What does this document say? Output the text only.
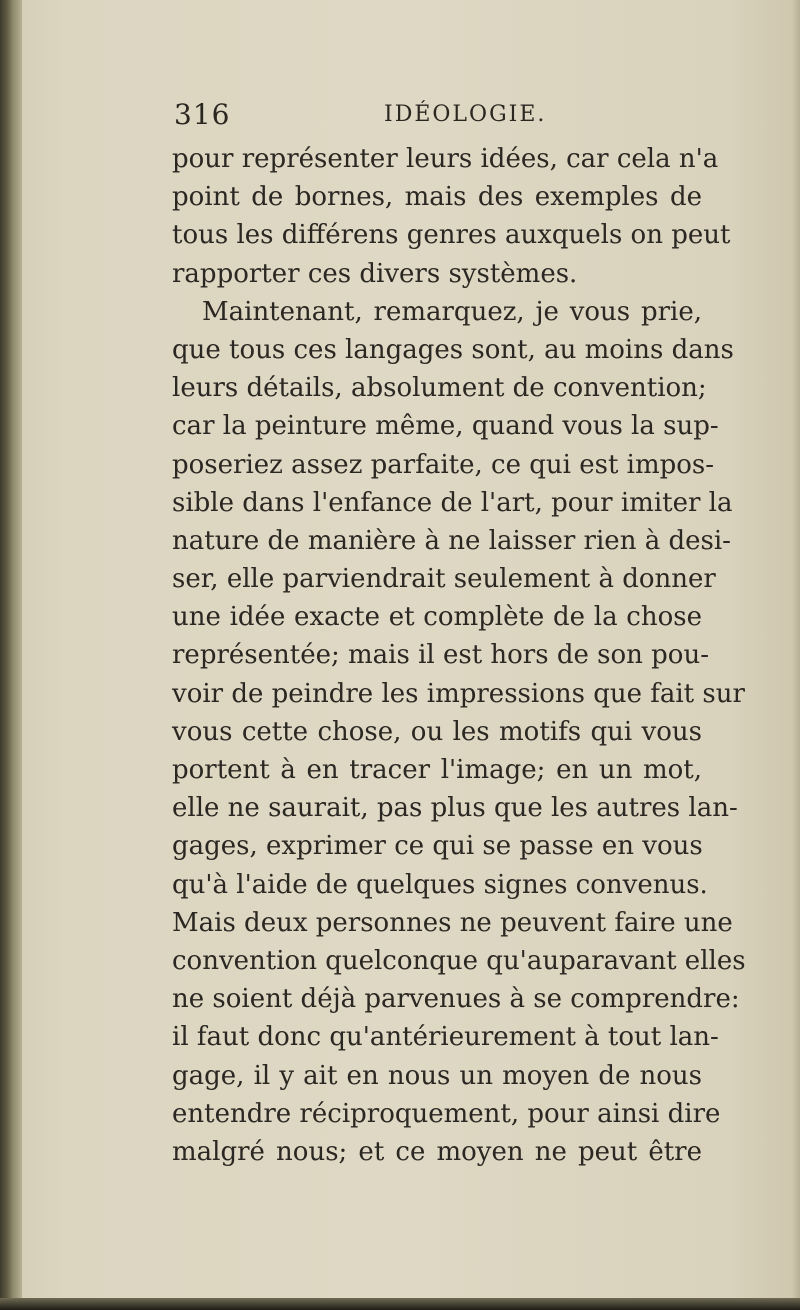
316	IDÉOLOGIE.
pour représenter leurs idées, car cela n'a
point de bornes, mais des exemples de
tous les différens genres auxquels on peut
rapporter ces divers systèmes.
Maintenant, remarquez, je vous prie,
que tous ces langages sont, au moins dans
leurs détails, absolument de convention;
car la peinture même, quand vous la sup-
poseriez assez parfaite, ce qui est impos-
sible dans l'enfance de l'art, pour imiter la
nature de manière à ne laisser rien à desi-
ser, elle parviendrait seulement à donner
une idée exacte et complète de la chose
représentée; mais il est hors de son pou-
voir de peindre les impressions que fait sur
vous cette chose, ou les motifs qui vous
portent à en tracer l'image; en un mot,
elle ne saurait, pas plus que les autres lan-
gages, exprimer ce qui se passe en vous
qu'à l'aide de quelques signes convenus.
Mais deux personnes ne peuvent faire une
convention quelconque qu'auparavant elles
ne soient déjà parvenues à se comprendre:
il faut donc qu'antérieurement à tout lan-
gage, il y ait en nous un moyen de nous
entendre réciproquement, pour ainsi dire
malgré nous; et ce moyen ne peut être
